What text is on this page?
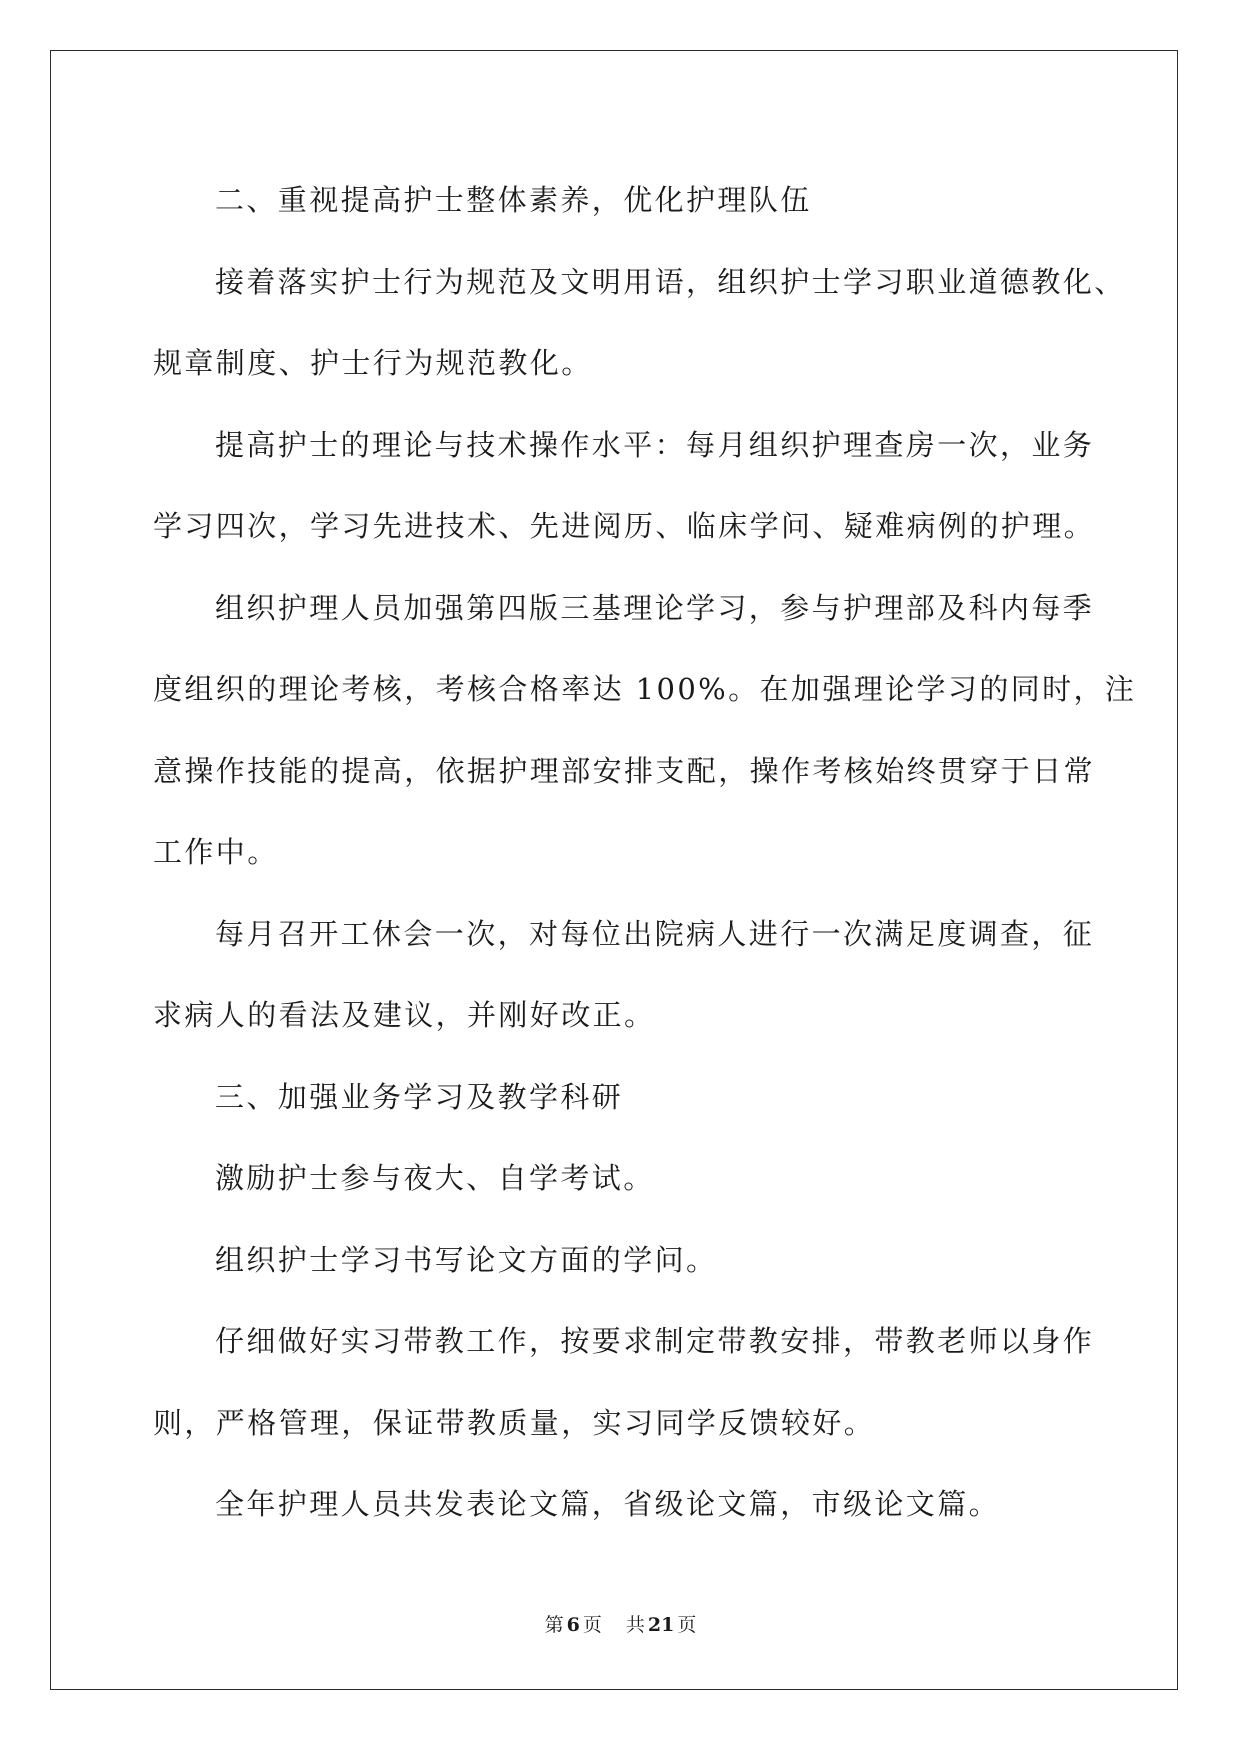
二、重视提高护士整体素养，优化护理队伍

接着落实护士行为规范及文明用语，组织护士学习职业道德教化、

规章制度、护士行为规范教化。

提高护士的理论与技术操作水平：每月组织护理查房一次，业务

学习四次，学习先进技术、先进阅历、临床学问、疑难病例的护理。

组织护理人员加强第四版三基理论学习，参与护理部及科内每季

度组织的理论考核，考核合格率达 100%。在加强理论学习的同时，注

意操作技能的提高，依据护理部安排支配，操作考核始终贯穿于日常

工作中。

每月召开工休会一次，对每位出院病人进行一次满足度调查，征

求病人的看法及建议，并刚好改正。

三、加强业务学习及教学科研

激励护士参与夜大、自学考试。

组织护士学习书写论文方面的学问。

仔细做好实习带教工作，按要求制定带教安排，带教老师以身作

则，严格管理，保证带教质量，实习同学反馈较好。

全年护理人员共发表论文篇，省级论文篇，市级论文篇。

第 6 页 共 21 页
